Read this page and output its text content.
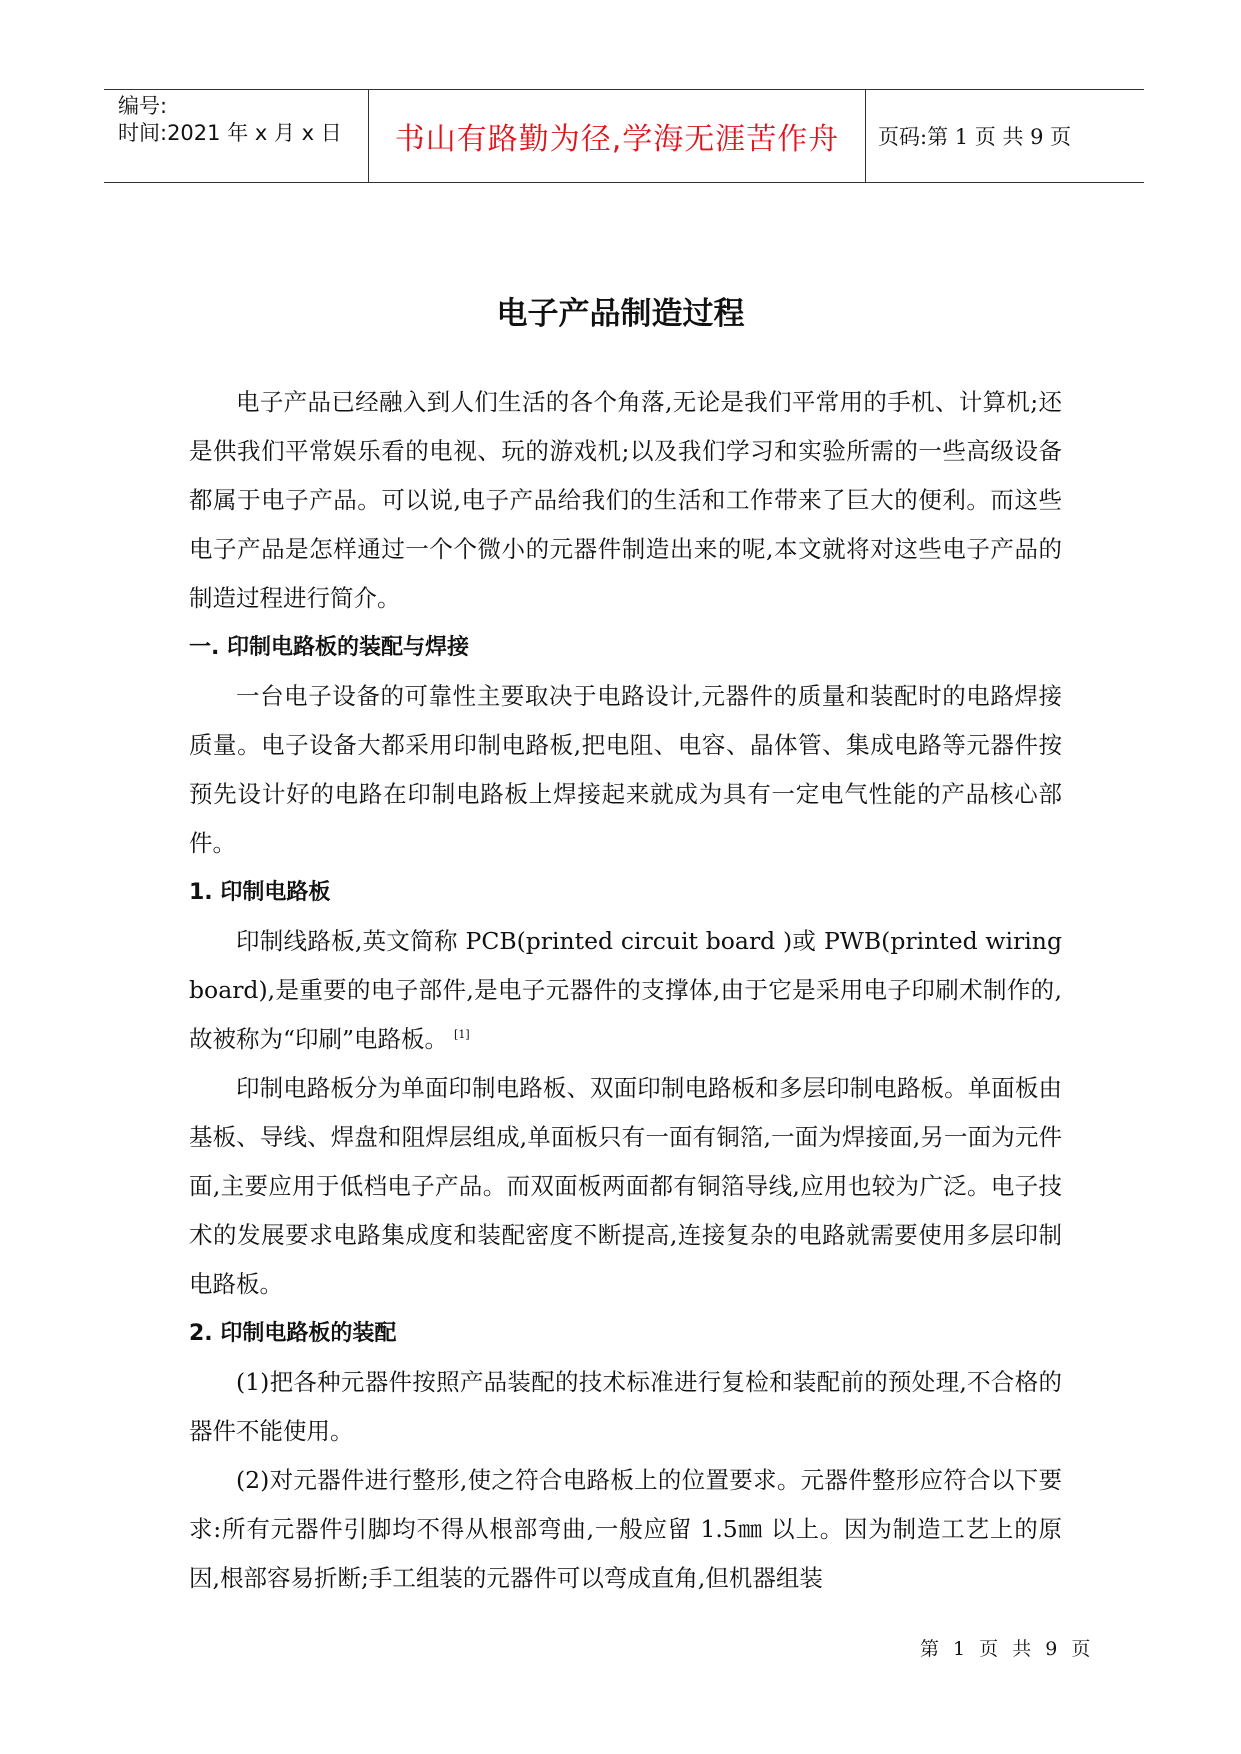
编号:
时间:2021 年 x 月 x 日	书山有路勤为径,学海无涯苦作舟	页码:第 1 页 共 9 页
电子产品制造过程

电子产品已经融入到人们生活的各个角落,无论是我们平常用的手机、计算机;还是供我们平常娱乐看的电视、玩的游戏机;以及我们学习和实验所需的一些高级设备都属于电子产品。可以说,电子产品给我们的生活和工作带来了巨大的便利。而这些电子产品是怎样通过一个个微小的元器件制造出来的呢,本文就将对这些电子产品的制造过程进行简介。

一. 印制电路板的装配与焊接

一台电子设备的可靠性主要取决于电路设计,元器件的质量和装配时的电路焊接质量。电子设备大都采用印制电路板,把电阻、电容、晶体管、集成电路等元器件按预先设计好的电路在印制电路板上焊接起来就成为具有一定电气性能的产品核心部件。

1. 印制电路板

印制线路板,英文简称 PCB(printed circuit board )或 PWB(printed wiring board),是重要的电子部件,是电子元器件的支撑体,由于它是采用电子印刷术制作的,故被称为“印刷”电路板。 [1]

印制电路板分为单面印制电路板、双面印制电路板和多层印制电路板。单面板由基板、导线、焊盘和阻焊层组成,单面板只有一面有铜箔,一面为焊接面,另一面为元件面,主要应用于低档电子产品。而双面板两面都有铜箔导线,应用也较为广泛。电子技术的发展要求电路集成度和装配密度不断提高,连接复杂的电路就需要使用多层印制电路板。

2. 印制电路板的装配

(1)把各种元器件按照产品装配的技术标准进行复检和装配前的预处理,不合格的器件不能使用。

(2)对元器件进行整形,使之符合电路板上的位置要求。元器件整形应符合以下要求:所有元器件引脚均不得从根部弯曲,一般应留 1.5㎜ 以上。因为制造工艺上的原因,根部容易折断;手工组装的元器件可以弯成直角,但机器组装

第 1 页 共 9 页
